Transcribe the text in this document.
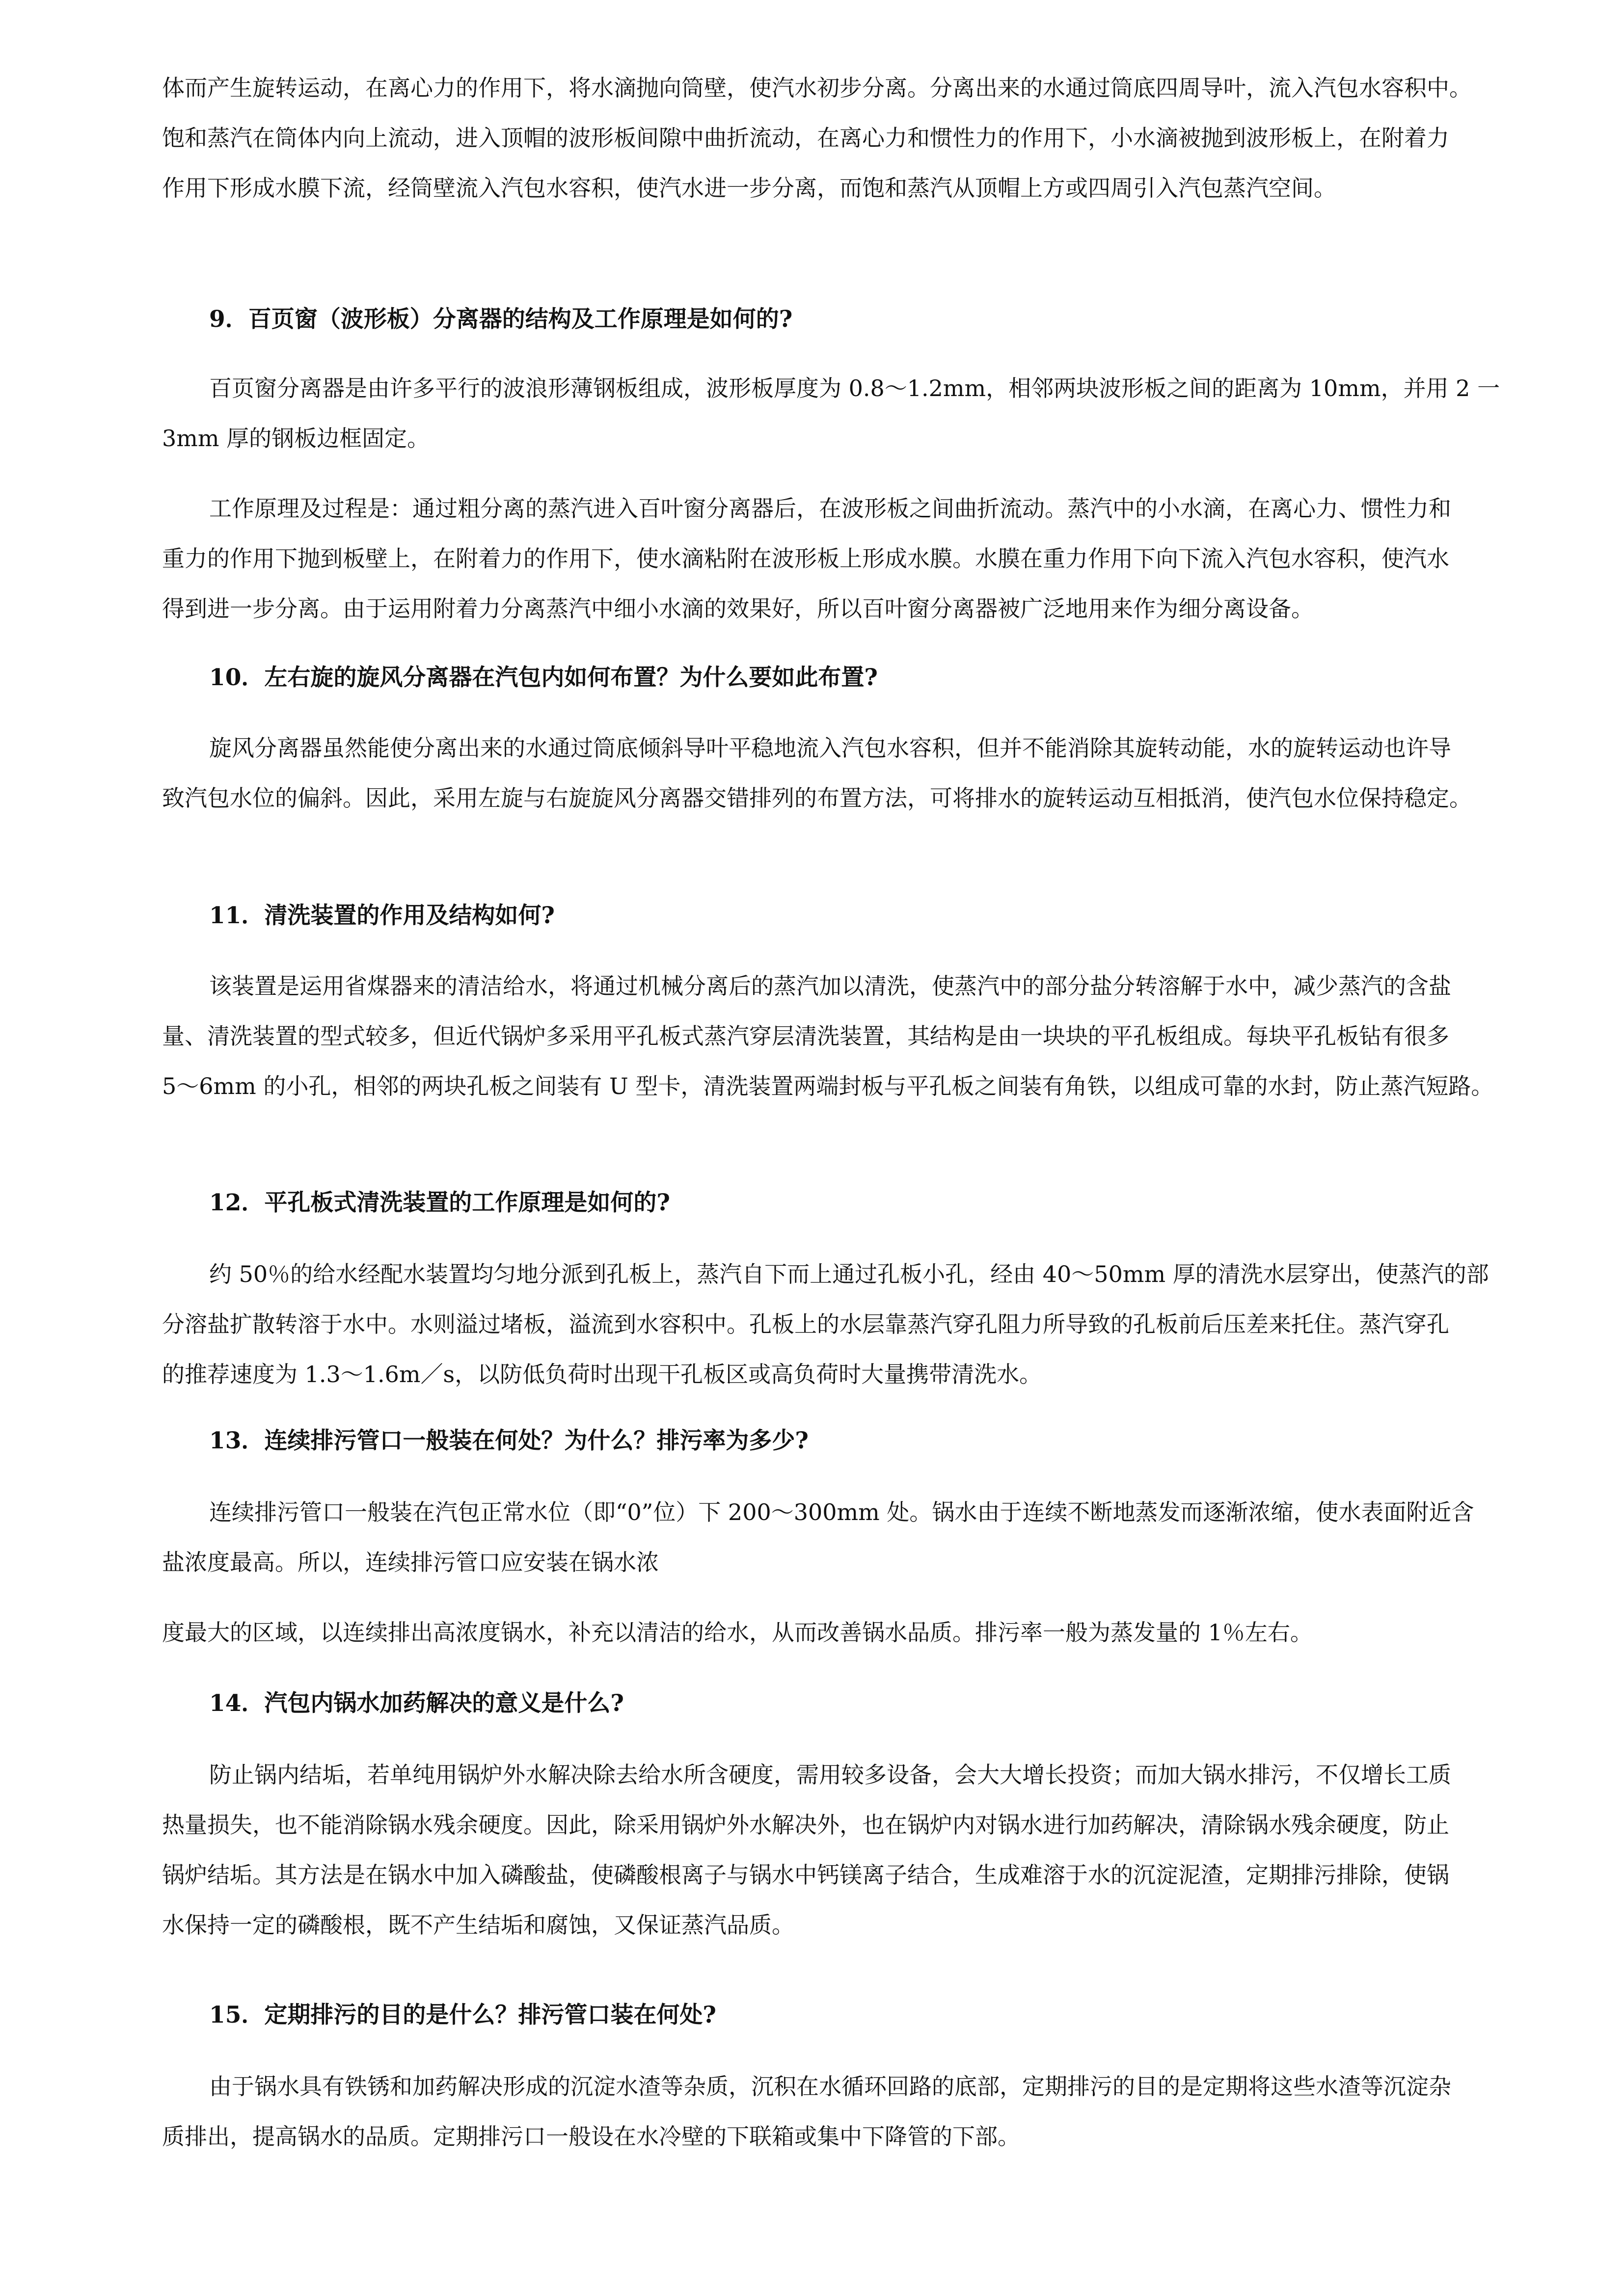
体而产生旋转运动，在离心力的作用下，将水滴抛向筒壁，使汽水初步分离。分离出来的水通过筒底四周导叶，流入汽包水容积中。
饱和蒸汽在筒体内向上流动，进入顶帽的波形板间隙中曲折流动，在离心力和惯性力的作用下，小水滴被抛到波形板上，在附着力
作用下形成水膜下流，经筒壁流入汽包水容积，使汽水进一步分离，而饱和蒸汽从顶帽上方或四周引入汽包蒸汽空间。
9．百页窗（波形板）分离器的结构及工作原理是如何的?
百页窗分离器是由许多平行的波浪形薄钢板组成，波形板厚度为 0.8～1.2mm，相邻两块波形板之间的距离为 10mm，并用 2 一
3mm 厚的钢板边框固定。
工作原理及过程是：通过粗分离的蒸汽进入百叶窗分离器后，在波形板之间曲折流动。蒸汽中的小水滴，在离心力、惯性力和
重力的作用下抛到板壁上，在附着力的作用下，使水滴粘附在波形板上形成水膜。水膜在重力作用下向下流入汽包水容积，使汽水
得到进一步分离。由于运用附着力分离蒸汽中细小水滴的效果好，所以百叶窗分离器被广泛地用来作为细分离设备。
10．左右旋的旋风分离器在汽包内如何布置？为什么要如此布置?
旋风分离器虽然能使分离出来的水通过筒底倾斜导叶平稳地流入汽包水容积，但并不能消除其旋转动能，水的旋转运动也许导
致汽包水位的偏斜。因此，采用左旋与右旋旋风分离器交错排列的布置方法，可将排水的旋转运动互相抵消，使汽包水位保持稳定。
11．清洗装置的作用及结构如何?
该装置是运用省煤器来的清洁给水，将通过机械分离后的蒸汽加以清洗，使蒸汽中的部分盐分转溶解于水中，减少蒸汽的含盐
量、清洗装置的型式较多，但近代锅炉多采用平孔板式蒸汽穿层清洗装置，其结构是由一块块的平孔板组成。每块平孔板钻有很多
5～6mm 的小孔，相邻的两块孔板之间装有 U 型卡，清洗装置两端封板与平孔板之间装有角铁，以组成可靠的水封，防止蒸汽短路。
12．平孔板式清洗装置的工作原理是如何的?
约 50％的给水经配水装置均匀地分派到孔板上，蒸汽自下而上通过孔板小孔，经由 40～50mm 厚的清洗水层穿出，使蒸汽的部
分溶盐扩散转溶于水中。水则溢过堵板，溢流到水容积中。孔板上的水层靠蒸汽穿孔阻力所导致的孔板前后压差来托住。蒸汽穿孔
的推荐速度为 1.3～1.6m／s，以防低负荷时出现干孔板区或高负荷时大量携带清洗水。
13．连续排污管口一般装在何处？为什么？排污率为多少?
连续排污管口一般装在汽包正常水位（即“0”位）下 200～300mm 处。锅水由于连续不断地蒸发而逐渐浓缩，使水表面附近含
盐浓度最高。所以，连续排污管口应安装在锅水浓
度最大的区域，以连续排出高浓度锅水，补充以清洁的给水，从而改善锅水品质。排污率一般为蒸发量的 1％左右。
14．汽包内锅水加药解决的意义是什么?
防止锅内结垢，若单纯用锅炉外水解决除去给水所含硬度，需用较多设备，会大大增长投资；而加大锅水排污，不仅增长工质
热量损失，也不能消除锅水残余硬度。因此，除采用锅炉外水解决外，也在锅炉内对锅水进行加药解决，清除锅水残余硬度，防止
锅炉结垢。其方法是在锅水中加入磷酸盐，使磷酸根离子与锅水中钙镁离子结合，生成难溶于水的沉淀泥渣，定期排污排除，使锅
水保持一定的磷酸根，既不产生结垢和腐蚀，又保证蒸汽品质。
15．定期排污的目的是什么？排污管口装在何处?
由于锅水具有铁锈和加药解决形成的沉淀水渣等杂质，沉积在水循环回路的底部，定期排污的目的是定期将这些水渣等沉淀杂
质排出，提高锅水的品质。定期排污口一般设在水冷壁的下联箱或集中下降管的下部。
